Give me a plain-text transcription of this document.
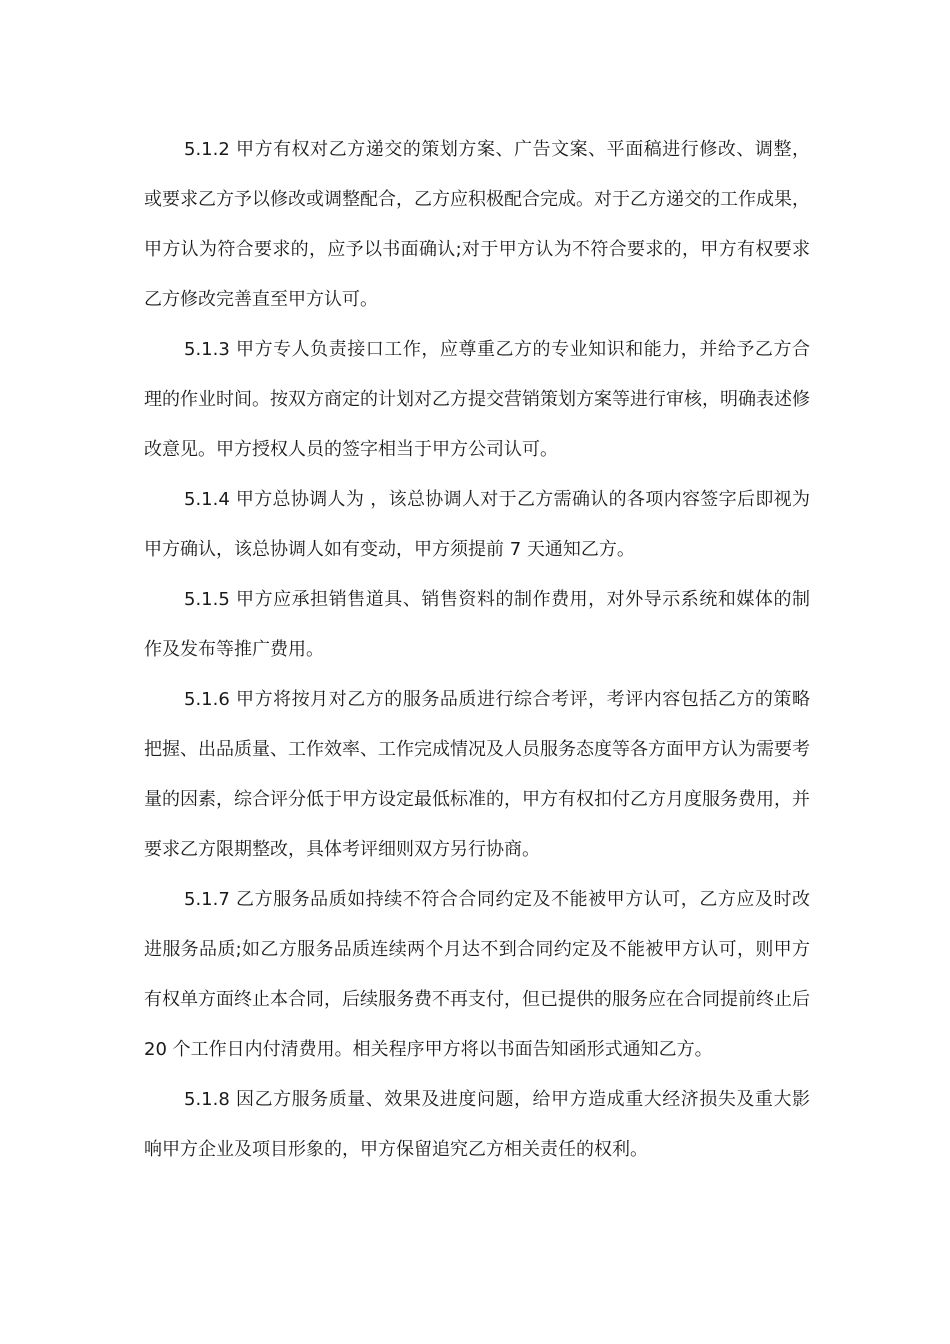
5.1.2 甲方有权对乙方递交的策划方案、广告文案、平面稿进行修改、调整，或要求乙方予以修改或调整配合，乙方应积极配合完成。对于乙方递交的工作成果，甲方认为符合要求的，应予以书面确认;对于甲方认为不符合要求的，甲方有权要求乙方修改完善直至甲方认可。

5.1.3 甲方专人负责接口工作，应尊重乙方的专业知识和能力，并给予乙方合理的作业时间。按双方商定的计划对乙方提交营销策划方案等进行审核，明确表述修改意见。甲方授权人员的签字相当于甲方公司认可。

5.1.4 甲方总协调人为 ，该总协调人对于乙方需确认的各项内容签字后即视为甲方确认，该总协调人如有变动，甲方须提前 7 天通知乙方。

5.1.5 甲方应承担销售道具、销售资料的制作费用，对外导示系统和媒体的制作及发布等推广费用。

5.1.6 甲方将按月对乙方的服务品质进行综合考评，考评内容包括乙方的策略把握、出品质量、工作效率、工作完成情况及人员服务态度等各方面甲方认为需要考量的因素，综合评分低于甲方设定最低标准的，甲方有权扣付乙方月度服务费用，并要求乙方限期整改，具体考评细则双方另行协商。

5.1.7 乙方服务品质如持续不符合合同约定及不能被甲方认可，乙方应及时改进服务品质;如乙方服务品质连续两个月达不到合同约定及不能被甲方认可，则甲方有权单方面终止本合同，后续服务费不再支付，但已提供的服务应在合同提前终止后 20 个工作日内付清费用。相关程序甲方将以书面告知函形式通知乙方。

5.1.8 因乙方服务质量、效果及进度问题，给甲方造成重大经济损失及重大影响甲方企业及项目形象的，甲方保留追究乙方相关责任的权利。
